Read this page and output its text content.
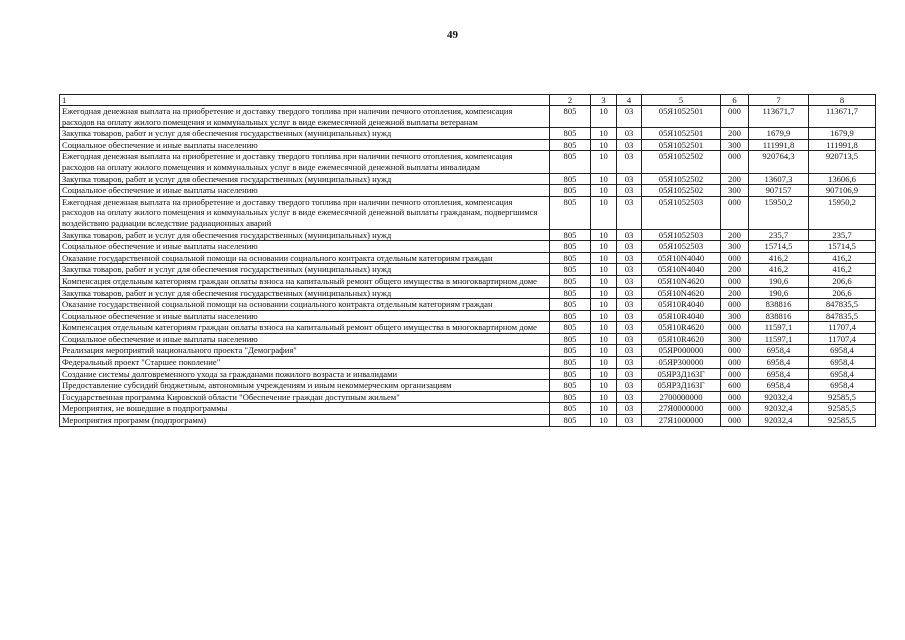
49
1	2	3	4	5	6	7	8
Ежегодная денежная выплата на приобретение и доставку твердого топлива при наличии печного отопления, компенсация расходов на оплату жилого помещения и коммунальных услуг в виде ежемесячной денежной выплаты ветеранам	805	10	03	05Я1052501	000	113671,7	113671,7
Закупка товаров, работ и услуг для обеспечения государственных (муниципальных) нужд	805	10	03	05Я1052501	200	1679,9	1679,9
Социальное обеспечение и иные выплаты населению	805	10	03	05Я1052501	300	111991,8	111991,8
Ежегодная денежная выплата на приобретение и доставку твердого топлива при наличии печного отопления, компенсация расходов на оплату жилого помещения и коммунальных услуг в виде ежемесячной денежной выплаты инвалидам	805	10	03	05Я1052502	000	920764,3	920713,5
Закупка товаров, работ и услуг для обеспечения государственных (муниципальных) нужд	805	10	03	05Я1052502	200	13607,3	13606,6
Социальное обеспечение и иные выплаты населению	805	10	03	05Я1052502	300	907157	907106,9
Ежегодная денежная выплата на приобретение и доставку твердого топлива при наличии печного отопления, компенсация расходов на оплату жилого помещения и коммунальных услуг в виде ежемесячной денежной выплаты гражданам, подвергшимся воздействию радиации вследствие радиационных аварий	805	10	03	05Я1052503	000	15950,2	15950,2
Закупка товаров, работ и услуг для обеспечения государственных (муниципальных) нужд	805	10	03	05Я1052503	200	235,7	235,7
Социальное обеспечение и иные выплаты населению	805	10	03	05Я1052503	300	15714,5	15714,5
Оказание государственной социальной помощи на основании социального контракта отдельным категориям граждан	805	10	03	05Я10N4040	000	416,2	416,2
Закупка товаров, работ и услуг для обеспечения государственных (муниципальных) нужд	805	10	03	05Я10N4040	200	416,2	416,2
Компенсация отдельным категориям граждан оплаты взноса на капитальный ремонт общего имущества в многоквартирном доме	805	10	03	05Я10N4620	000	190,6	206,6
Закупка товаров, работ и услуг для обеспечения государственных (муниципальных) нужд	805	10	03	05Я10N4620	200	190,6	206,6
Оказание государственной социальной помощи на основании социального контракта отдельным категориям граждан	805	10	03	05Я10R4040	000	838816	847835,5
Социальное обеспечение и иные выплаты населению	805	10	03	05Я10R4040	300	838816	847835,5
Компенсация отдельным категориям граждан оплаты взноса на капитальный ремонт общего имущества в многоквартирном доме	805	10	03	05Я10R4620	000	11597,1	11707,4
Социальное обеспечение и иные выплаты населению	805	10	03	05Я10R4620	300	11597,1	11707,4
Реализация мероприятий национального проекта "Демография"	805	10	03	05ЯР000000	000	6958,4	6958,4
Федеральный проект "Старшее поколение"	805	10	03	05ЯР300000	000	6958,4	6958,4
Создание системы долговременного ухода за гражданами пожилого возраста и инвалидами	805	10	03	05ЯР3Д163Г	000	6958,4	6958,4
Предоставление субсидий бюджетным, автономным учреждениям и иным некоммерческим организациям	805	10	03	05ЯР3Д163Г	600	6958,4	6958,4
Государственная программа Кировской области "Обеспечение граждан доступным жильем"	805	10	03	2700000000	000	92032,4	92585,5
Мероприятия, не вошедшие в подпрограммы	805	10	03	27Я0000000	000	92032,4	92585,5
Мероприятия программ (подпрограмм)	805	10	03	27Я1000000	000	92032,4	92585,5
